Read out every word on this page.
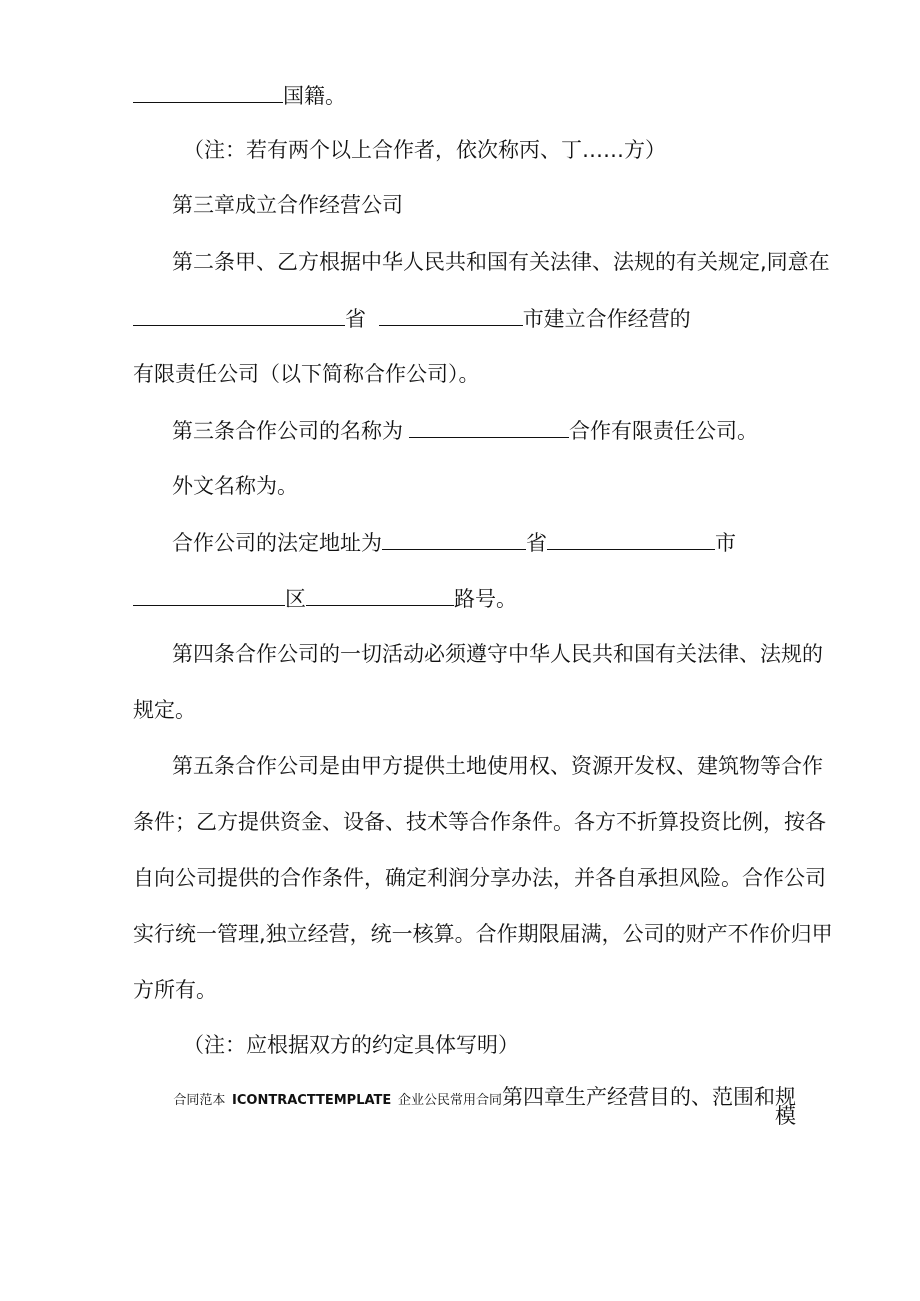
国籍。
（注：若有两个以上合作者，依次称丙、丁……方）
第三章成立合作经营公司
第二条甲、乙方根据中华人民共和国有关法律、法规的有关规定,同意在
省	市建立合作经营的
有限责任公司（以下简称合作公司）。
第三条合作公司的名称为	合作有限责任公司。
外文名称为。
合作公司的法定地址为	省	市
区	路号。
第四条合作公司的一切活动必须遵守中华人民共和国有关法律、法规的
规定。
第五条合作公司是由甲方提供土地使用权、资源开发权、建筑物等合作
条件；乙方提供资金、设备、技术等合作条件。各方不折算投资比例，按各
自向公司提供的合作条件，确定利润分享办法，并各自承担风险。合作公司
实行统一管理,独立经营，统一核算。合作期限届满，公司的财产不作价归甲
方所有。
（注：应根据双方的约定具体写明）
合同范本 ICONTRACTTEMPLATE 企业公民常用合同第四章生产经营目的、范围和规
模
